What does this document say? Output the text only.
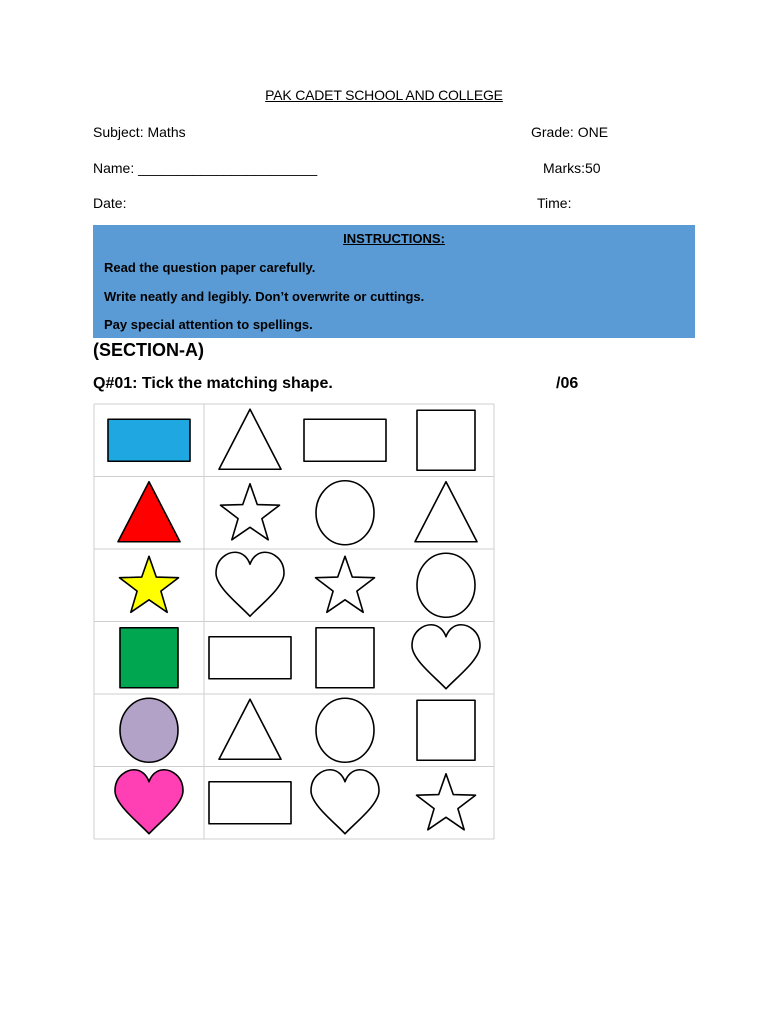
PAK CADET SCHOOL AND COLLEGE
Subject: Maths	Grade: ONE
Name: _______________________	Marks:50
Date:	Time:
INSTRUCTIONS:
Read the question paper carefully.
Write neatly and legibly. Don’t overwrite or cuttings.
Pay special attention to spellings.
(SECTION-A)
Q#01: Tick the matching shape.	/06
